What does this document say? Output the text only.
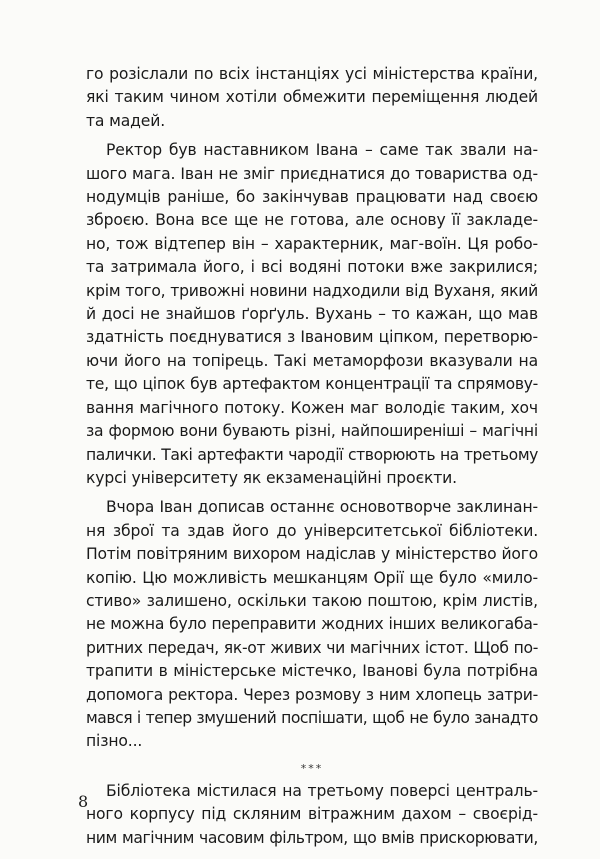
го розіслали по всіх інстанціях усі міністерства країни,
які таким чином хотіли обмежити переміщення людей
та мадей.

Ректор був наставником Івана – саме так звали на-
шого мага. Іван не зміг приєднатися до товариства од-
нодумців раніше, бо закінчував працювати над своєю
зброєю. Вона все ще не готова, але основу її закладе-
но, тож відтепер він – характерник, маг-воїн. Ця робо-
та затримала його, і всі водяні потоки вже закрилися;
крім того, тривожні новини надходили від Вуханя, який
й досі не знайшов ґорґуль. Вухань – то кажан, що мав
здатність поєднуватися з Івановим ціпком, перетворю-
ючи його на топірець. Такі метаморфози вказували на
те, що ціпок був артефактом концентрації та спрямову-
вання магічного потоку. Кожен маг володіє таким, хоч
за формою вони бувають різні, найпоширеніші – магічні
палички. Такі артефакти чародії створюють на третьому
курсі університету як екзаменаційні проєкти.

Вчора Іван дописав останнє основотворче заклинан-
ня зброї та здав його до університетської бібліотеки.
Потім повітряним вихором надіслав у міністерство його
копію. Цю можливість мешканцям Орії ще було «мило-
стиво» залишено, оскільки такою поштою, крім листів,
не можна було переправити жодних інших великогаба-
ритних передач, як-от живих чи магічних істот. Щоб по-
трапити в міністерське містечко, Іванові була потрібна
допомога ректора. Через розмову з ним хлопець затри-
мався і тепер змушений поспішати, щоб не було занадто
пізно...

***

Бібліотека містилася на третьому поверсі централь-
ного корпусу під скляним вітражним дахом – своєрід-
ним магічним часовим фільтром, що вмів прискорювати,

8
